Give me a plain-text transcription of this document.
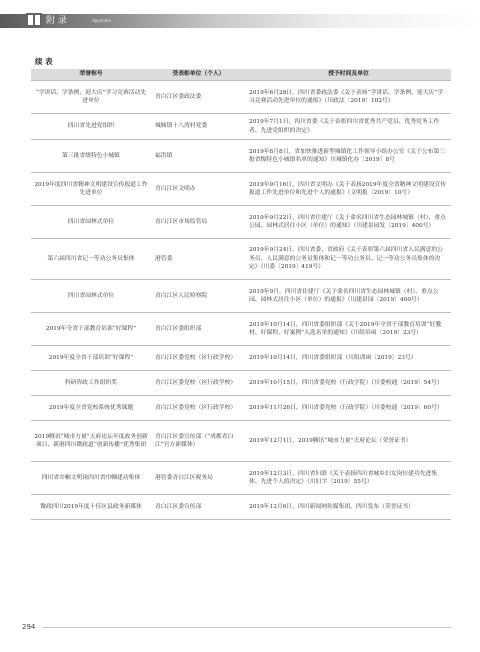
附 录	Appendix
续 表
荣誉称号	受表彰单位（个人）	授予时间及单位
“学讲话、学条例、迎大庆”学习竞赛活动先进单位	青白江区委政法委	2019年6月28日，四川省委政法委《关于表扬“学讲话、学条例、迎大庆”学习竞赛活动先进单位的通报》（川政法〔2019〕102号）
四川省先进党组织	城厢镇十八湾村党委	2019年7月1日，四川省委《关于表彰四川省优秀共产党员、优秀党务工作者、先进党组织的决定》
第三批省级特色小城镇	福洪镇	2019年8月8日，省加快推进新型城镇化工作领导小组办公室《关于公布第三批省级特色小城镇名单的通知》川城镇化办〔2019〕8号
2019年度四川省精神文明建设宣传报道工作先进单位	青白江区文明办	2019年9月16日，四川省文明办《关于表扬2019年度全省精神文明建设宣传报道工作先进单位和先进个人的通报》（文明报〔2019〕10号）
四川省园林式单位	青白江区市场监管局	2019年9月22日，四川省住建厅《关于命名四川省生态园林城镇（村）、重点公园、园林式居住小区（单位）的通知》（川建景园发〔2019〕400号）
第六届四川省记一等功公务员集体	港管委	2019年9月24日，四川省委、省政府《关于表彰第六届四川省人民满意的公务员、人民满意的公务员集体和记一等功公务员、记一等功公务员集体的决定》（川委〔2019〕419号）
四川省园林式单位	青白江区人民检察院	2019年9月，四川省住建厅《关于命名四川省生态园林城镇（村）、重点公园、园林式居住小区（单位）的通报》（川建景园〔2019〕400号）
2019年全省干部教育培训“好课程”	青白江区委组织部	2019年10月14日，四川省委组织部《关于2019年全省干部教育培训“好教材、好课程、好案例”入选名单的通知》（川组培函〔2019〕23号）
2019年度全省干部培训“好课程”	青白江区委党校（区行政学校）	2019年10月14日，四川省委组织部（川组训函〔2019〕23号）
科研咨政工作组织奖	青白江区委党校（区行政学校）	2019年10月15日，四川省委党校（行政学院）（川委校通〔2019〕54号）
2019年度全省党校系统优秀课题	青白江区委党校（区行政学校）	2019年11月26日，四川省委党校（行政学院）（川委校通〔2019〕60号）
2019腾讯“城市力量”天府论坛年度政务创新项目、新港四川微政道“创新传播”优秀集团	青白江区委宣传部（“成都青白江”官方新媒体）	2019年12月1日，2019腾讯“城市力量”天府论坛（荣誉证书）
四川省巾帼文明岗四川省巾帼建功集体	港管委青白江区税务局	2019年12月3日，四川省妇联《关于表扬四川省城乡妇女岗位建功先进集体、先进个人的决定》（川妇字〔2019〕55号）
微政四川2019年度十佳区县政务新媒体	青白江区委宣传部	2019年12月6日，四川新闻网传媒集团，四川发布（荣誉证书）
294
